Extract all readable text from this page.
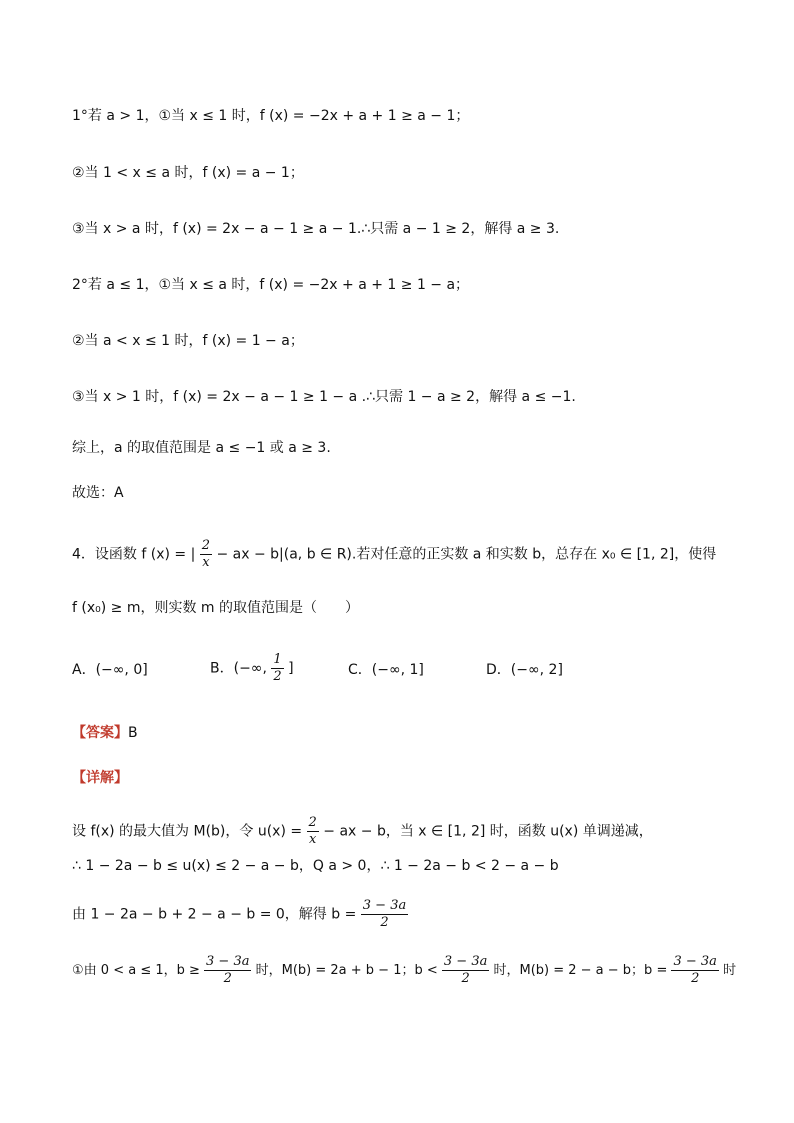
1°若 a > 1，①当 x ≤ 1 时，f (x) = −2x + a + 1 ≥ a − 1；
②当 1 < x ≤ a 时，f (x) = a − 1；
③当 x > a 时，f (x) = 2x − a − 1 ≥ a − 1.∴只需 a − 1 ≥ 2，解得 a ≥ 3.
2°若 a ≤ 1，①当 x ≤ a 时，f (x) = −2x + a + 1 ≥ 1 − a；
②当 a < x ≤ 1 时，f (x) = 1 − a；
③当 x > 1 时，f (x) = 2x − a − 1 ≥ 1 − a .∴只需 1 − a ≥ 2，解得 a ≤ −1.
综上，a 的取值范围是 a ≤ −1 或 a ≥ 3.
故选：A
4．设函数 f (x) = | $\frac{2}{x}$ − ax − b|(a, b ∈ R).若对任意的正实数 a 和实数 b，总存在 x₀ ∈ [1, 2]，使得
f (x₀) ≥ m，则实数 m 的取值范围是（　　）
A．(−∞, 0]	B．(−∞, $\frac{1}{2}$ ]	C．(−∞, 1]	D．(−∞, 2]
【答案】B
【详解】
设 f(x) 的最大值为 M(b)，令 $u(x) = \frac{2}{x}$ − ax − b，当 x ∈ [1, 2] 时，函数 u(x) 单调递减，
∴ 1 − 2a − b ≤ u(x) ≤ 2 − a − b，Q a > 0，∴ 1 − 2a − b < 2 − a − b
由 1 − 2a − b + 2 − a − b = 0，解得 $b = \frac{3 - 3a}{2}$
①由 0 < a ≤ 1，$b \ge \frac{3 - 3a}{2}$ 时，M(b) = 2a + b − 1；$b < \frac{3 - 3a}{2}$ 时，M(b) = 2 − a − b；$b = \frac{3 - 3a}{2}$ 时
